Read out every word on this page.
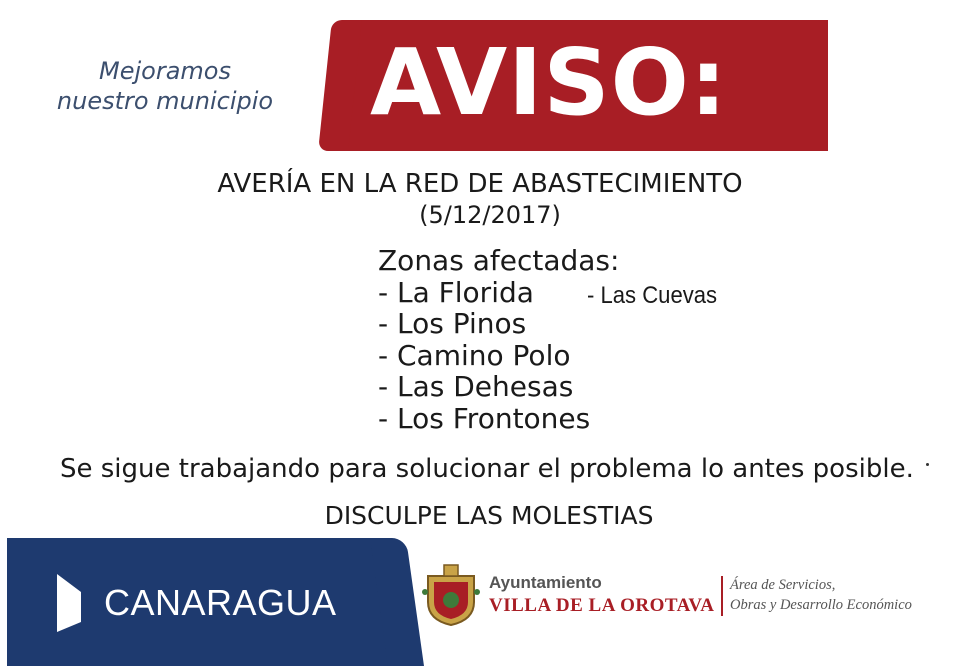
Mejoramos
nuestro municipio AVISO:
AVERÍA EN LA RED DE ABASTECIMIENTO
(5/12/2017)
Zonas afectadas:
- La Florida
- Los Pinos
- Camino Polo
- Las Dehesas
- Los Frontones
- Las Cuevas
Se sigue trabajando para solucionar el problema lo antes posible.
DISCULPE LAS MOLESTIAS
CANARAGUA	Ayuntamiento
VILLA DE LA OROTAVA
Área de Servicios,
Obras y Desarrollo Económico
